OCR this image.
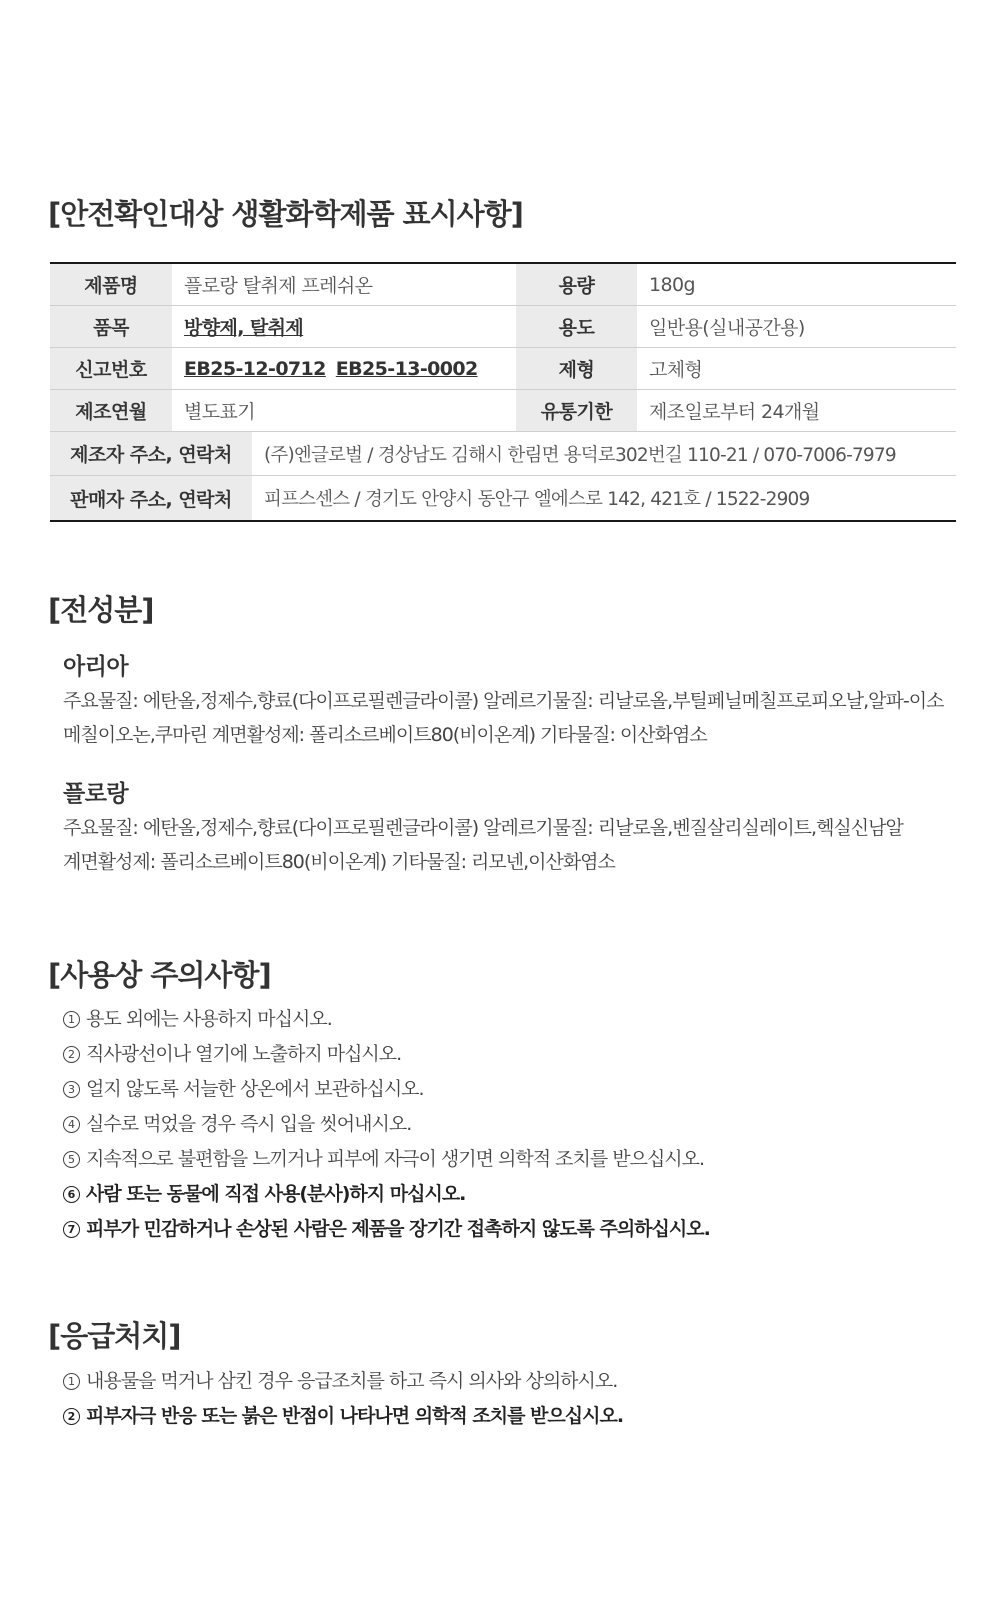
[안전확인대상 생활화학제품 표시사항]
제품명	플로랑 탈취제 프레쉬온	용량	180g
품목	방향제, 탈취제	용도	일반용(실내공간용)
신고번호	EB25-12-0712 EB25-13-0002	제형	고체형
제조연월	별도표기	유통기한	제조일로부터 24개월
제조자 주소, 연락처	(주)엔글로벌 / 경상남도 김해시 한림면 용덕로302번길 110-21 / 070-7006-7979
판매자 주소, 연락처	피프스센스 / 경기도 안양시 동안구 엘에스로 142, 421호 / 1522-2909
[전성분]
아리아

주요물질: 에탄올,정제수,향료(다이프로필렌글라이콜) 알레르기물질: 리날로올,부틸페닐메칠프로피오날,알파-이소
메칠이오논,쿠마린 계면활성제: 폴리소르베이트80(비이온계) 기타물질: 이산화염소

플로랑

주요물질: 에탄올,정제수,향료(다이프로필렌글라이콜) 알레르기물질: 리날로올,벤질살리실레이트,헥실신남알
계면활성제: 폴리소르베이트80(비이온계) 기타물질: 리모넨,이산화염소

[사용상 주의사항]
1 용도 외에는 사용하지 마십시오.
2 직사광선이나 열기에 노출하지 마십시오.
3 얼지 않도록 서늘한 상온에서 보관하십시오.
4 실수로 먹었을 경우 즉시 입을 씻어내시오.
5 지속적으로 불편함을 느끼거나 피부에 자극이 생기면 의학적 조치를 받으십시오.
6 사람 또는 동물에 직접 사용(분사)하지 마십시오.
7 피부가 민감하거나 손상된 사람은 제품을 장기간 접촉하지 않도록 주의하십시오.
[응급처치]
1 내용물을 먹거나 삼킨 경우 응급조치를 하고 즉시 의사와 상의하시오.
2 피부자극 반응 또는 붉은 반점이 나타나면 의학적 조치를 받으십시오.
